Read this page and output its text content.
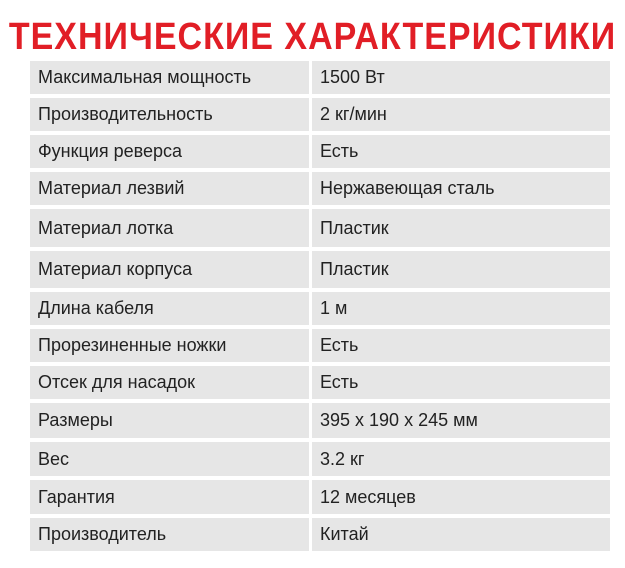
ТЕХНИЧЕСКИЕ ХАРАКТЕРИСТИКИ
Максимальная мощность	1500 Вт
Производительность	2 кг/мин
Функция реверса	Есть
Материал лезвий	Нержавеющая сталь
Материал лотка	Пластик
Материал корпуса	Пластик
Длина кабеля	1 м
Прорезиненные ножки	Есть
Отсек для насадок	Есть
Размеры	395 x 190 x 245 мм
Вес	3.2 кг
Гарантия	12 месяцев
Производитель	Китай
